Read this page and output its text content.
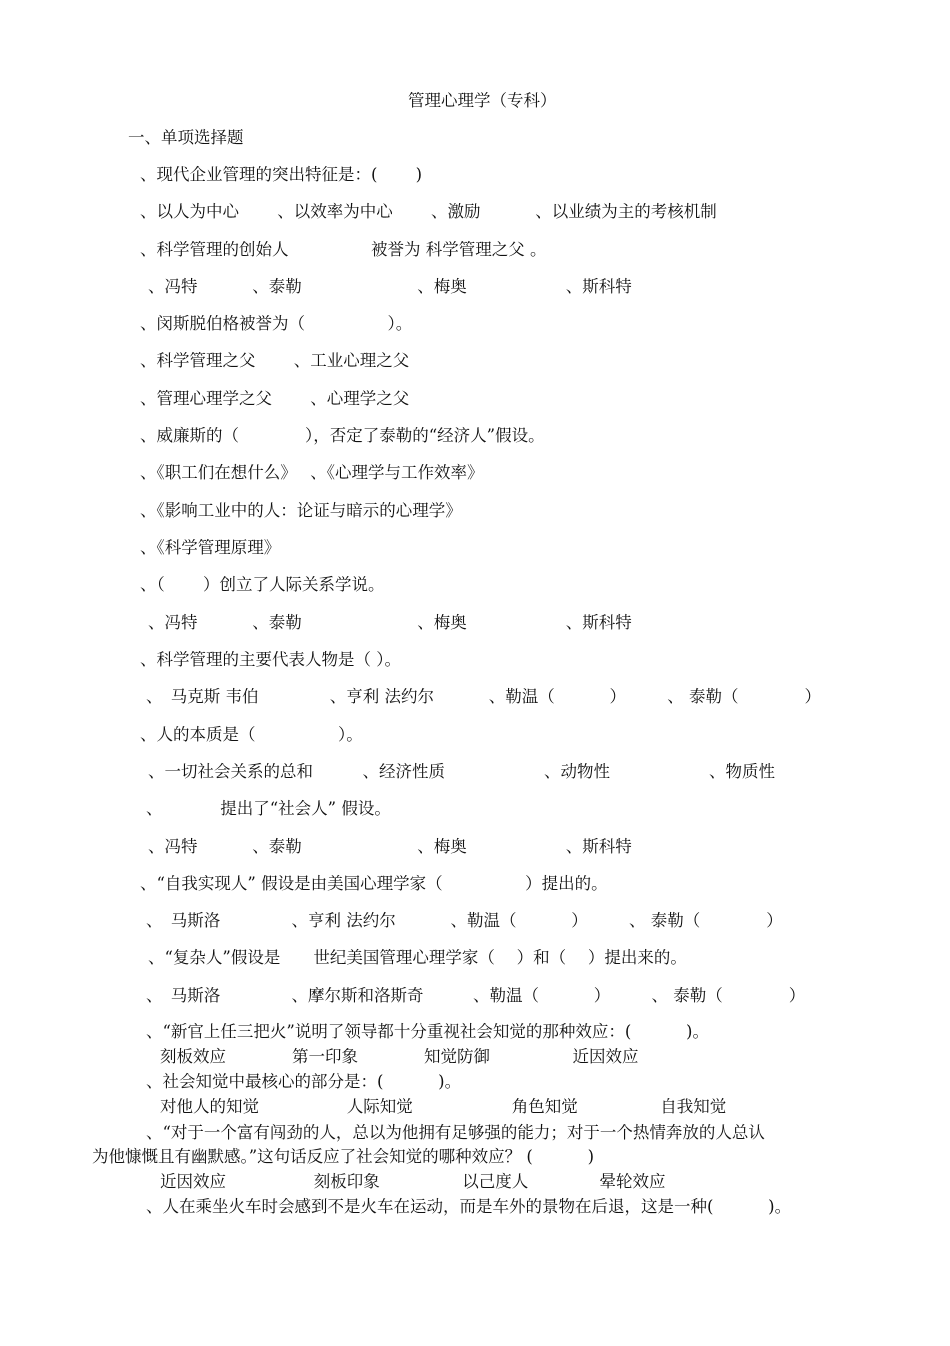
管理心理学（专科）
一、单项选择题
、现代企业管理的突出特征是：(　　 )
、以人为中心　　 、以效率为中心　　 、激励　　　 、以业绩为主的考核机制
、科学管理的创始人　　　　　被誉为 科学管理之父 。
、冯特　　　 、泰勒　　　　　　　、梅奥　　　　　　、斯科特
、闵斯脱伯格被誉为（　　　　　）。
、科学管理之父　　 、工业心理之父
、管理心理学之父　　 、心理学之父
、威廉斯的（　　　　），否定了泰勒的“经济人”假设。
、《职工们在想什么》　 、《心理学与工作效率》
、《影响工业中的人：论证与暗示的心理学》
、《科学管理原理》
、（　　 ）创立了人际关系学说。
、冯特　　　 、泰勒　　　　　　　、梅奥　　　　　　、斯科特
、科学管理的主要代表人物是（ ）。
、　马克斯 韦伯　　　　 、亨利 法约尔　　　 、勒温（　　　 ）　　　、 泰勒（　　　　）
、人的本质是（　　　　　）。
、一切社会关系的总和　　　、经济性质　　　　　　、动物性　　　　　　、物质性
、　　　　提出了“社会人” 假设。
、冯特　　　 、泰勒　　　　　　　、梅奥　　　　　　、斯科特
、“自我实现人” 假设是由美国心理学家（　　　　　）提出的。
、　马斯洛　　　　 、亨利 法约尔　　　 、勒温（　　　 ）　　　、 泰勒（　　　　）
、“复杂人”假设是　　世纪美国管理心理学家（　 ）和（　 ）提出来的。
、　马斯洛　　　　 、摩尔斯和洛斯奇　　　、勒温（　　　 ）　　　、 泰勒（　　　　）
、“新官上任三把火”说明了领导都十分重视社会知觉的那种效应：(　　　 )。
刻板效应　　　　第一印象　　　　知觉防御　　　　　近因效应
、社会知觉中最核心的部分是：(　　　 )。
对他人的知觉　　　　　 人际知觉　　　　　　角色知觉　　　　　自我知觉
、“对于一个富有闯劲的人，总以为他拥有足够强的能力；对于一个热情奔放的人总认
为他慷慨且有幽默感。”这句话反应了社会知觉的哪种效应？ (　　　 )
近因效应　　　　　 刻板印象　　　　　以己度人　　　　 晕轮效应
、人在乘坐火车时会感到不是火车在运动，而是车外的景物在后退，这是一种(　　　 )。
